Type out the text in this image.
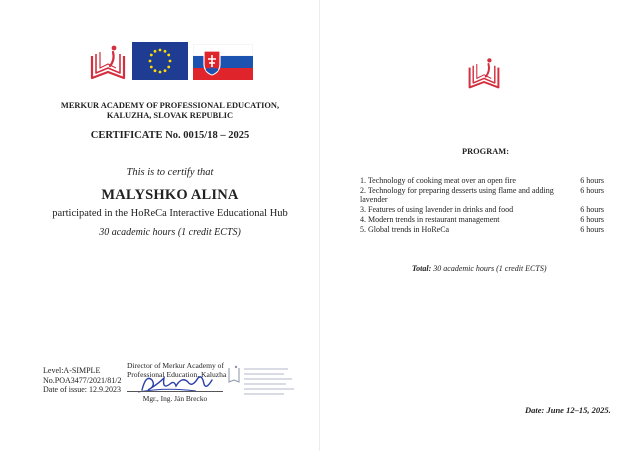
MERKUR ACADEMY OF PROFESSIONAL EDUCATION,
KALUZHA, SLOVAK REPUBLIC
CERTIFICATE No. 0015/18 – 2025
This is to certify that
MALYSHKO ALINA
participated in the HoReCa Interactive Educational Hub
30 academic hours (1 credit ECTS)
Level:A-SIMPLE
No.POA3477/2021/81/2
Date of issue: 12.9.2023
Director of Merkur Academy of
Professional Education, Kaluzha
Mgr., Ing. Ján Brecko
PROGRAM:
1. Technology of cooking meat over an open fire	6 hours
2. Technology for preparing desserts using flame and adding lavender
6 hours
3. Features of using lavender in drinks and food	6 hours
4. Modern trends in restaurant management	6 hours
5. Global trends in HoReCa	6 hours
Total: 30 academic hours (1 credit ECTS)
Date: June 12–15, 2025.
